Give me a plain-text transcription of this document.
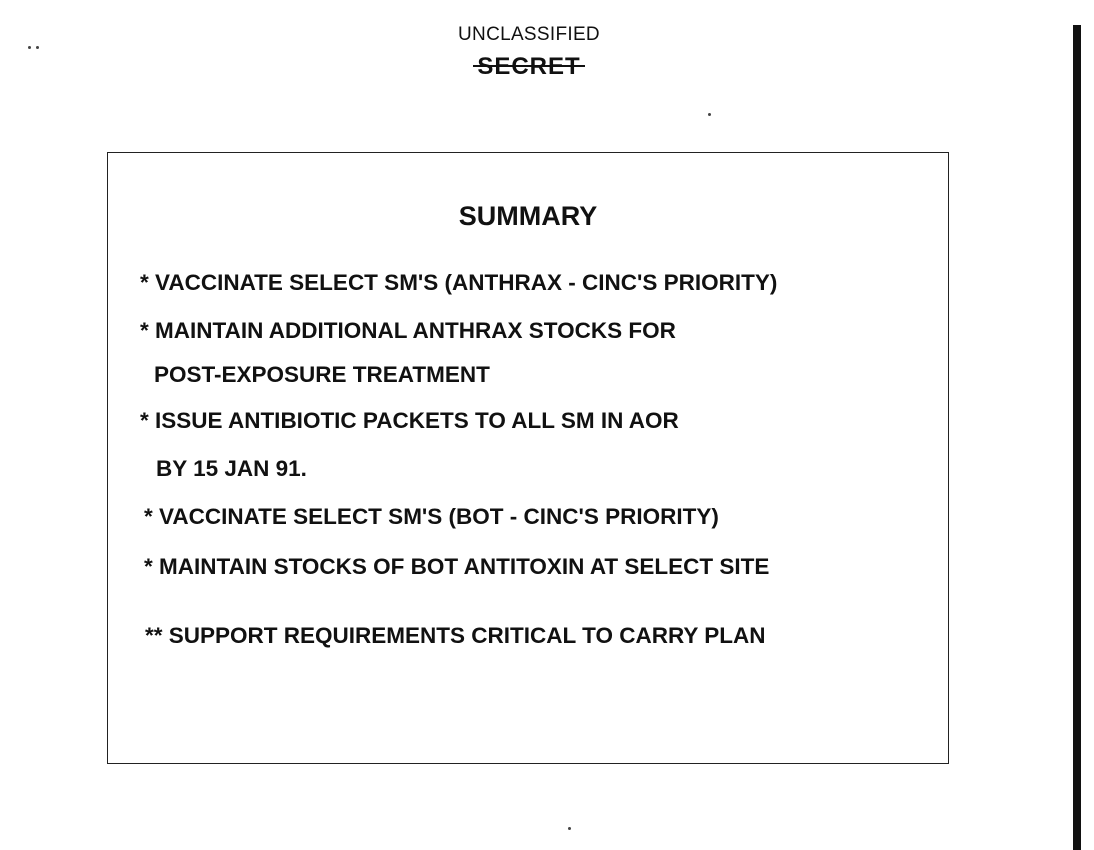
UNCLASSIFIED
SECRET
SUMMARY
* VACCINATE SELECT SM'S (ANTHRAX - CINC'S PRIORITY)
* MAINTAIN ADDITIONAL ANTHRAX STOCKS FOR
POST-EXPOSURE TREATMENT
* ISSUE ANTIBIOTIC PACKETS TO ALL SM IN AOR
BY 15 JAN 91.
* VACCINATE SELECT SM'S (BOT - CINC'S PRIORITY)
* MAINTAIN STOCKS OF BOT ANTITOXIN AT SELECT SITE
** SUPPORT REQUIREMENTS CRITICAL TO CARRY PLAN
